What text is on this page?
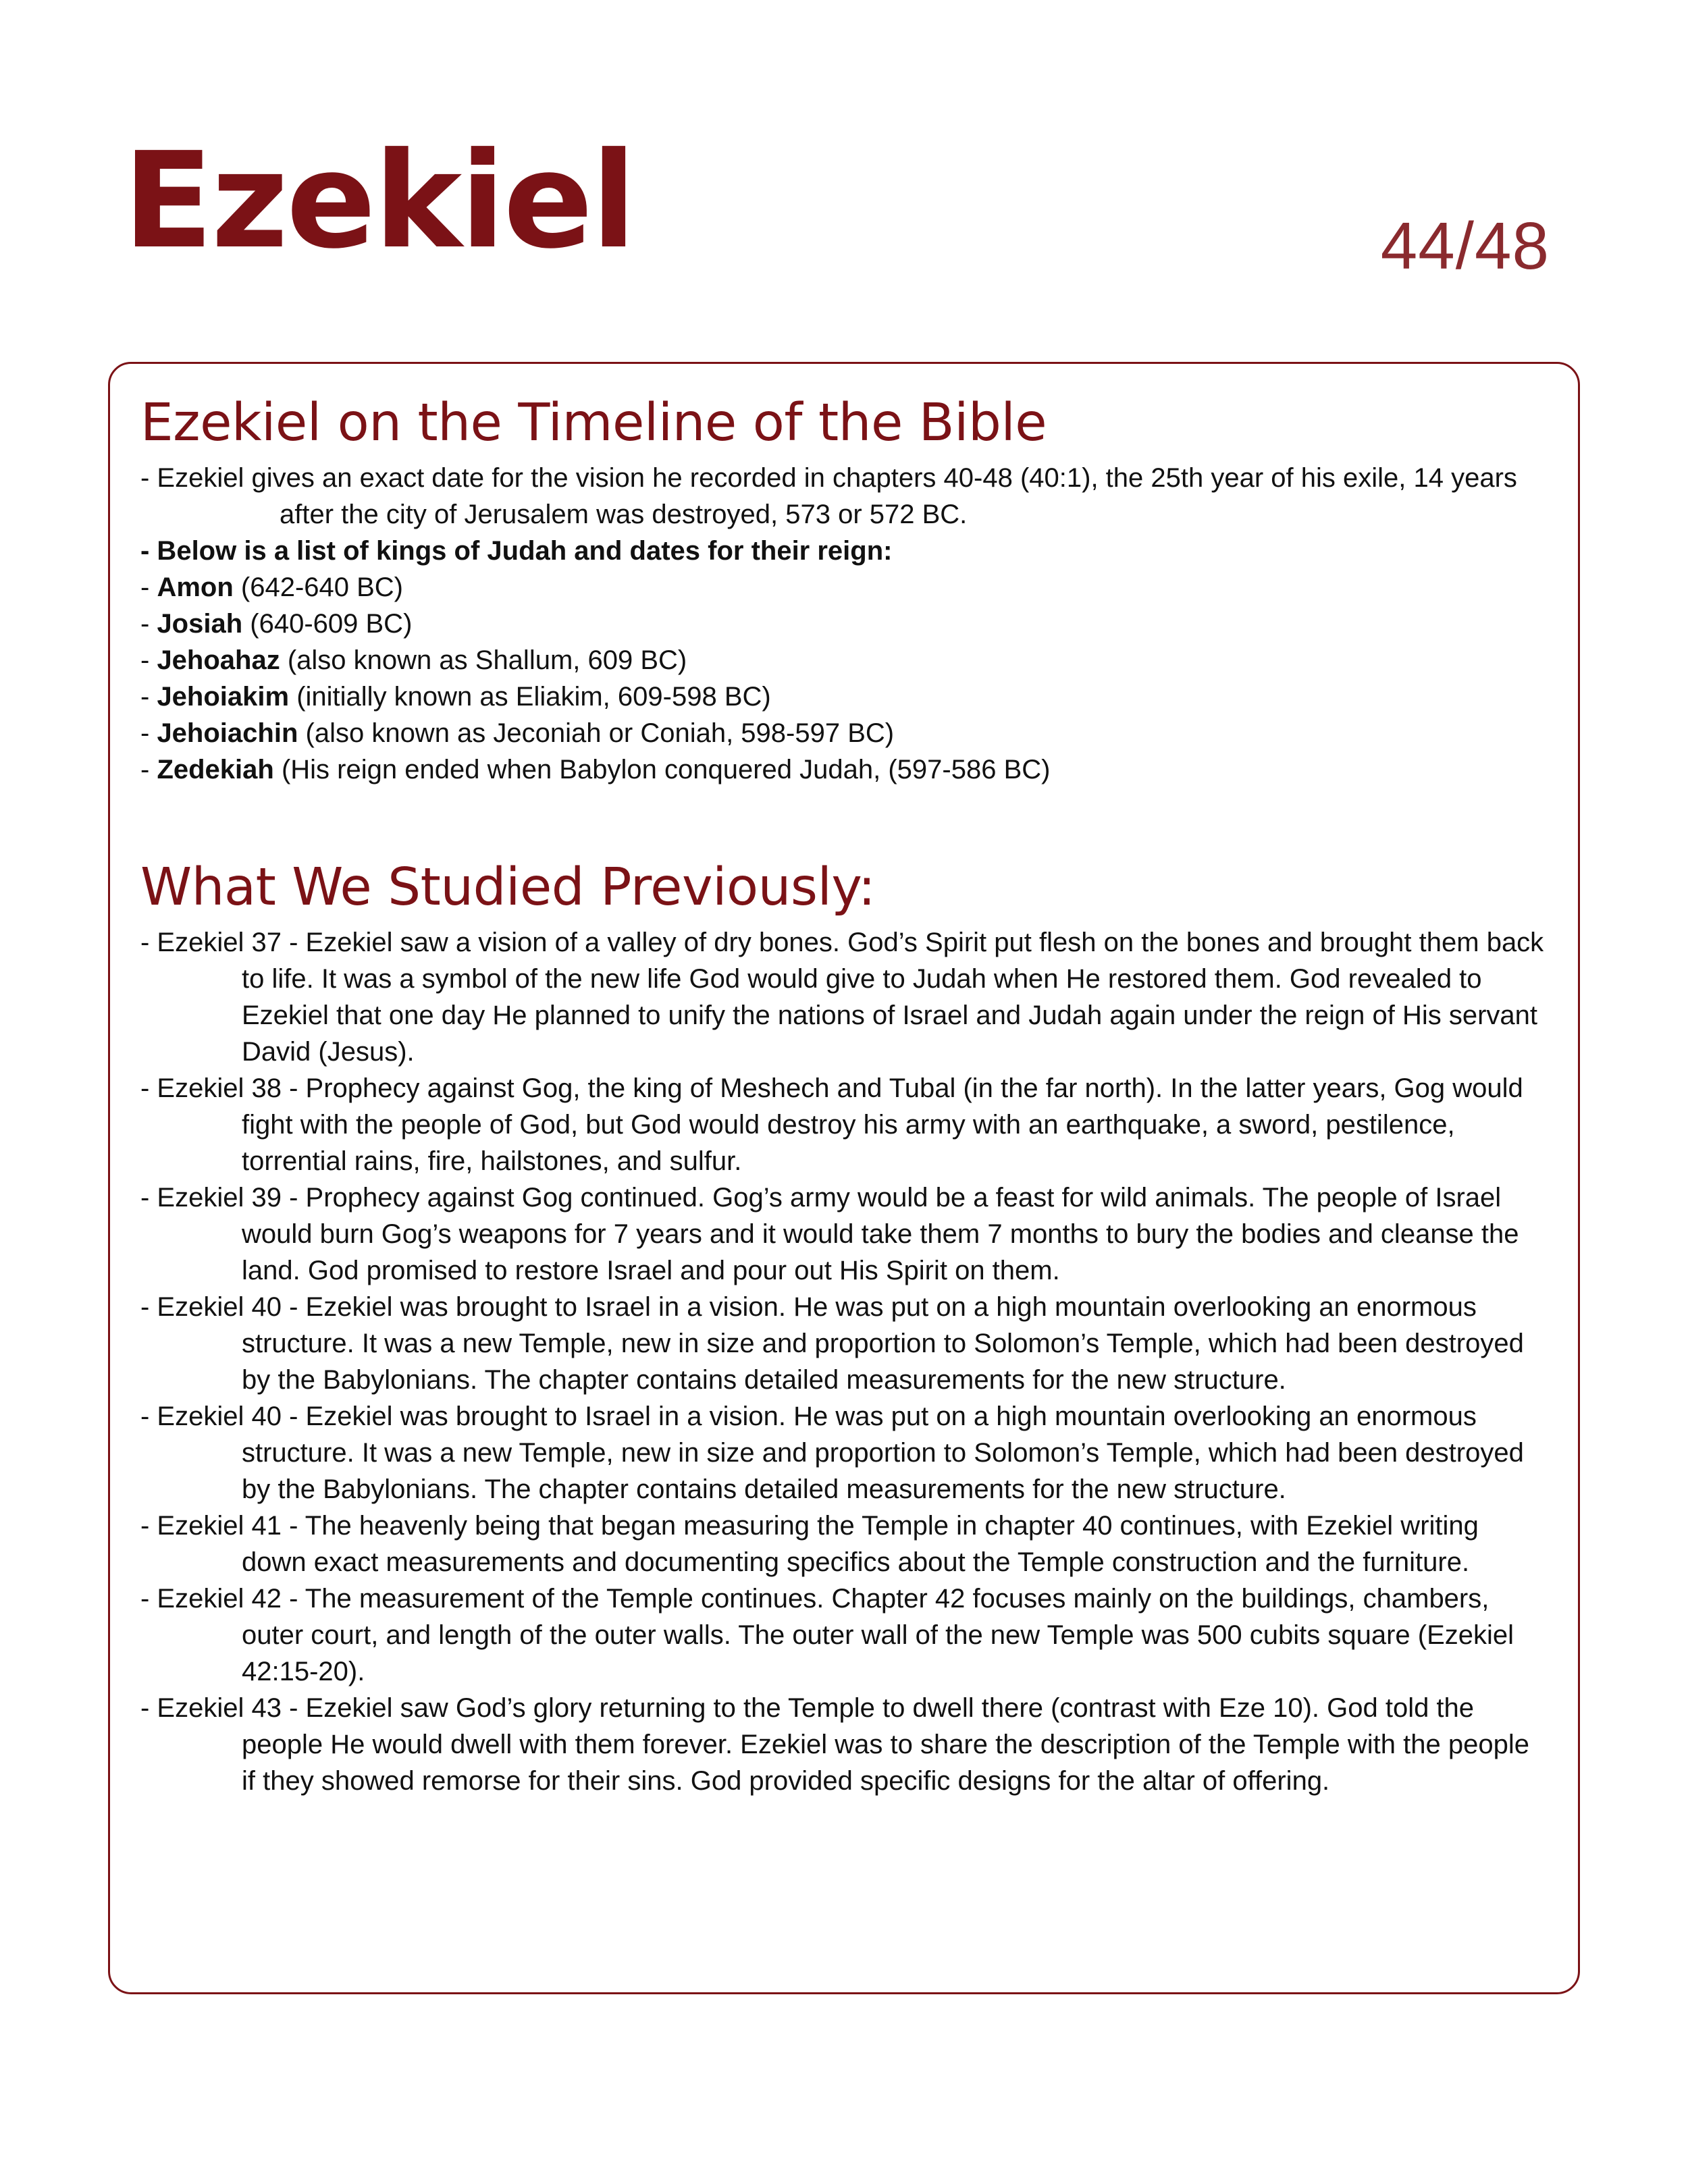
Ezekiel	44/48
Ezekiel on the Timeline of the Bible
- Ezekiel gives an exact date for the vision he recorded in chapters 40-48 (40:1), the 25th year of his exile, 14 years after the city of Jerusalem was destroyed, 573 or 572 BC.
- Below is a list of kings of Judah and dates for their reign:
- Amon (642-640 BC)
- Josiah (640-609 BC)
- Jehoahaz (also known as Shallum, 609 BC)
- Jehoiakim (initially known as Eliakim, 609-598 BC)
- Jehoiachin (also known as Jeconiah or Coniah, 598-597 BC)
- Zedekiah (His reign ended when Babylon conquered Judah, (597-586 BC)
What We Studied Previously:
- Ezekiel 37 - Ezekiel saw a vision of a valley of dry bones. God’s Spirit put flesh on the bones and brought them back to life. It was a symbol of the new life God would give to Judah when He restored them. God revealed to Ezekiel that one day He planned to unify the nations of Israel and Judah again under the reign of His servant David (Jesus).
- Ezekiel 38 - Prophecy against Gog, the king of Meshech and Tubal (in the far north). In the latter years, Gog would fight with the people of God, but God would destroy his army with an earthquake, a sword, pestilence, torrential rains, fire, hailstones, and sulfur.
- Ezekiel 39 - Prophecy against Gog continued. Gog’s army would be a feast for wild animals. The people of Israel would burn Gog’s weapons for 7 years and it would take them 7 months to bury the bodies and cleanse the land. God promised to restore Israel and pour out His Spirit on them.
- Ezekiel 40 - Ezekiel was brought to Israel in a vision. He was put on a high mountain overlooking an enormous structure. It was a new Temple, new in size and proportion to Solomon’s Temple, which had been destroyed by the Babylonians. The chapter contains detailed measurements for the new structure.
- Ezekiel 40 - Ezekiel was brought to Israel in a vision. He was put on a high mountain overlooking an enormous structure. It was a new Temple, new in size and proportion to Solomon’s Temple, which had been destroyed by the Babylonians. The chapter contains detailed measurements for the new structure.
- Ezekiel 41 - The heavenly being that began measuring the Temple in chapter 40 continues, with Ezekiel writing down exact measurements and documenting specifics about the Temple construction and the furniture.
- Ezekiel 42 - The measurement of the Temple continues. Chapter 42 focuses mainly on the buildings, chambers, outer court, and length of the outer walls. The outer wall of the new Temple was 500 cubits square (Ezekiel 42:15-20).
- Ezekiel 43 - Ezekiel saw God’s glory returning to the Temple to dwell there (contrast with Eze 10). God told the people He would dwell with them forever. Ezekiel was to share the description of the Temple with the people if they showed remorse for their sins. God provided specific designs for the altar of offering.
